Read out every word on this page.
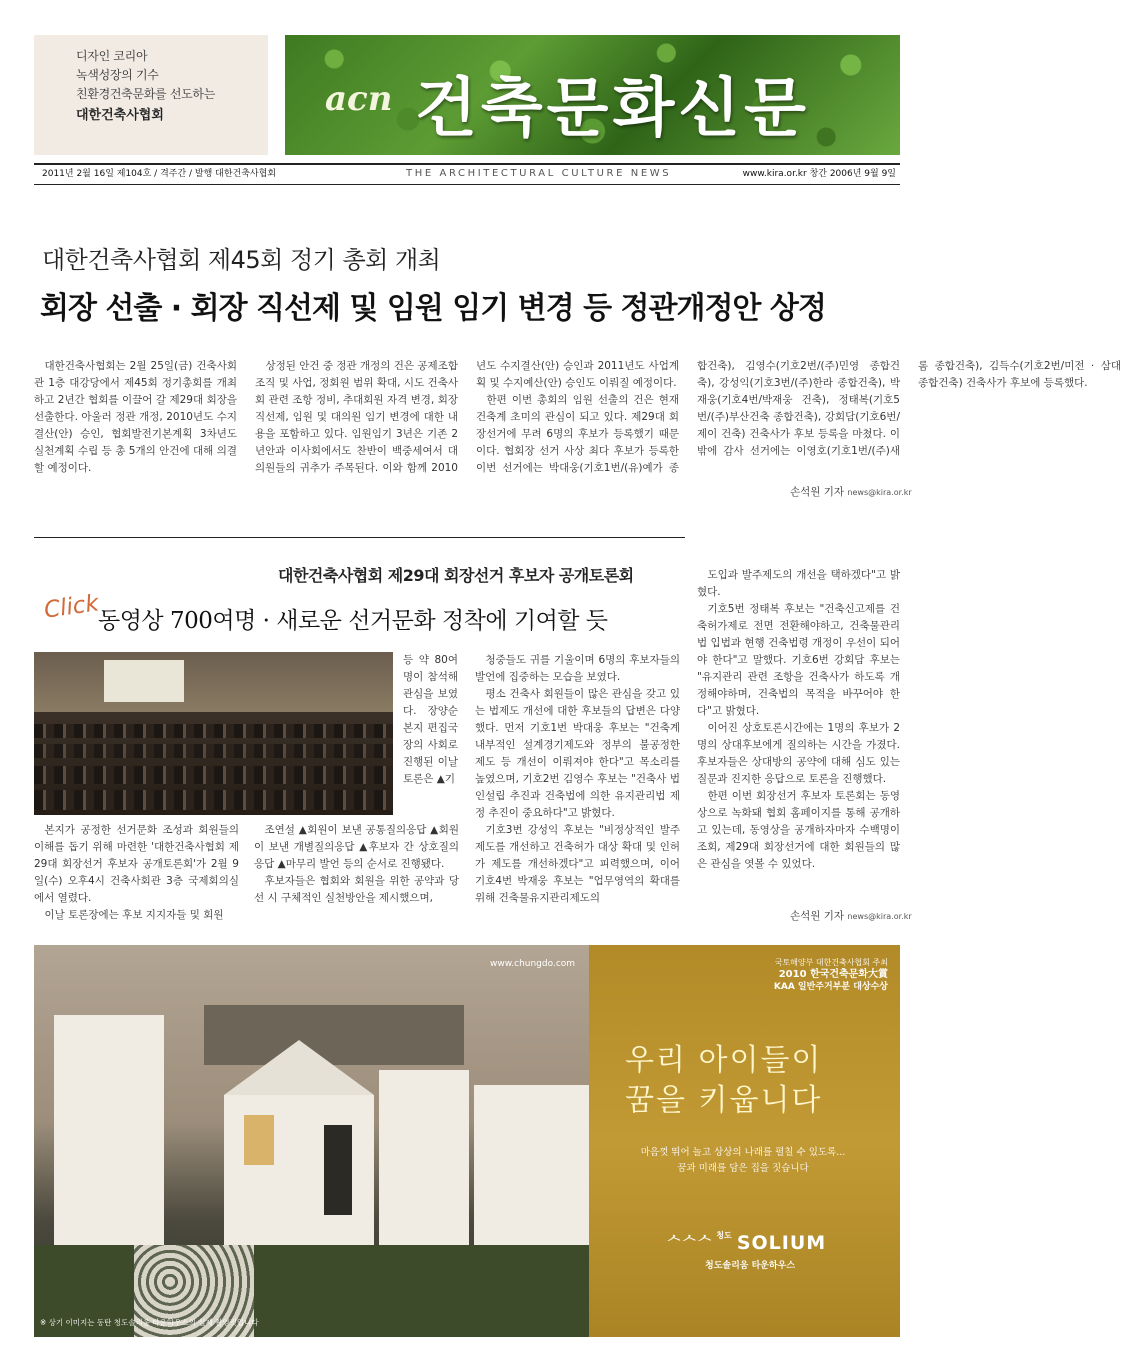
디자인 코리아
녹색성장의 기수
친환경건축문화를 선도하는
대한건축사협회	acn 건축문화신문
2011년 2월 16일 제104호 / 격주간 / 발행 대한건축사협회	THE ARCHITECTURAL CULTURE NEWS	www.kira.or.kr 창간 2006년 9월 9일
대한건축사협회 제45회 정기 총회 개최
회장 선출 · 회장 직선제 및 임원 임기 변경 등 정관개정안 상정

대한건축사협회는 2월 25일(금) 건축사회관 1층 대강당에서 제45회 정기총회를 개최하고 2년간 협회를 이끌어 갈 제29대 회장을 선출한다. 아울러 정관 개정, 2010년도 수지결산(안) 승인, 협회발전기본계획 3차년도 실천계획 수립 등 총 5개의 안건에 대해 의결할 예정이다.

상정된 안건 중 정관 개정의 건은 공제조합 조직 및 사업, 정회원 범위 확대, 시도 건축사회 관련 조항 정비, 추대회원 자격 변경, 회장 직선제, 임원 및 대의원 임기 변경에 대한 내용을 포함하고 있다. 임원임기 3년은 기존 2년안과 이사회에서도 찬반이 백중세여서 대의원들의 귀추가 주목된다. 이와 함께 2010년도 수지결산(안) 승인과 2011년도 사업계획 및 수지예산(안) 승인도 이뤄질 예정이다.

한편 이번 총회의 임원 선출의 건은 현재 건축계 초미의 관심이 되고 있다. 제29대 회장선거에 무려 6명의 후보가 등록했기 때문이다. 협회장 선거 사상 최다 후보가 등록한 이번 선거에는 박대웅(기호1번/(유)예가 종합건축), 김영수(기호2번/(주)민영 종합건축), 강성익(기호3번/(주)한라 종합건축), 박재웅(기호4번/박재웅 건축), 정태복(기호5번/(주)부산건축 종합건축), 강회담(기호6번/제이 건축) 건축사가 후보 등록을 마쳤다. 이밖에 감사 선거에는 이영호(기호1번/(주)새롬 종합건축), 김득수(기호2번/미전 · 삼대 종합건축) 건축사가 후보에 등록했다.

손석원 기자 news@kira.or.kr
대한건축사협회 제29대 회장선거 후보자 공개토론회
Click
동영상 700여명 · 새로운 선거문화 정착에 기여할 듯
등 약 80여명이 참석해 관심을 보였다. 장양순 본지 편집국장의 사회로 진행된 이날 토론은 ▲기

본지가 공정한 선거문화 조성과 회원들의 이해를 돕기 위해 마련한 '대한건축사협회 제29대 회장선거 후보자 공개토론회'가 2월 9일(수) 오후4시 건축사회관 3층 국제회의실에서 열렸다.

이날 토론장에는 후보 지지자들 및 회원

조연설 ▲회원이 보낸 공통질의응답 ▲회원이 보낸 개별질의응답 ▲후보자 간 상호질의응답 ▲마무리 발언 등의 순서로 진행됐다.

후보자들은 협회와 회원을 위한 공약과 당선 시 구체적인 실천방안을 제시했으며,

청중들도 귀를 기울이며 6명의 후보자들의 발언에 집중하는 모습을 보였다.

평소 건축사 회원들이 많은 관심을 갖고 있는 법제도 개선에 대한 후보들의 답변은 다양했다. 먼저 기호1번 박대웅 후보는 "건축계 내부적인 설계경기제도와 정부의 불공정한 제도 등 개선이 이뤄져야 한다"고 목소리를 높였으며, 기호2번 김영수 후보는 "건축사 법인설립 추진과 건축법에 의한 유지관리법 제정 추진이 중요하다"고 밝혔다.

기호3번 강성익 후보는 "비정상적인 발주제도를 개선하고 건축허가 대상 확대 및 인허가 제도를 개선하겠다"고 피력했으며, 이어 기호4번 박재웅 후보는 "업무영역의 확대를 위해 건축물유지관리제도의

도입과 발주제도의 개선을 택하겠다"고 밝혔다.

기호5번 정태복 후보는 "건축신고제를 건축허가제로 전면 전환해야하고, 건축물관리법 입법과 현행 건축법령 개정이 우선이 되어야 한다"고 말했다. 기호6번 강회담 후보는 "유지관리 관련 조항을 건축사가 하도록 개정해야하며, 건축법의 목적을 바꾸어야 한다"고 밝혔다.

이어진 상호토론시간에는 1명의 후보가 2명의 상대후보에게 질의하는 시간을 가졌다. 후보자들은 상대방의 공약에 대해 심도 있는 질문과 진지한 응답으로 토론을 진행했다.

한편 이번 회장선거 후보자 토론회는 동영상으로 녹화돼 협회 홈페이지를 통해 공개하고 있는데, 동영상을 공개하자마자 수백명이 조회, 제29대 회장선거에 대한 회원들의 많은 관심을 엿볼 수 있었다.

손석원 기자 news@kira.or.kr
www.chungdo.com
※ 상기 이미지는 동탄 청도솔리움 타운하우스의 실제 촬영컷입니다
국토해양부 대한건축사협회 주최
2010 한국건축문화大賞
KAA 일반주거부분 대상수상
우리 아이들이
꿈을 키웁니다
마음껏 뛰어 놀고 상상의 나래를 펼칠 수 있도록...
꿈과 미래를 담은 집을 짓습니다
ᄉᄉᄉ $^{청도}$ SOLIUM
청도솔리움 타운하우스
